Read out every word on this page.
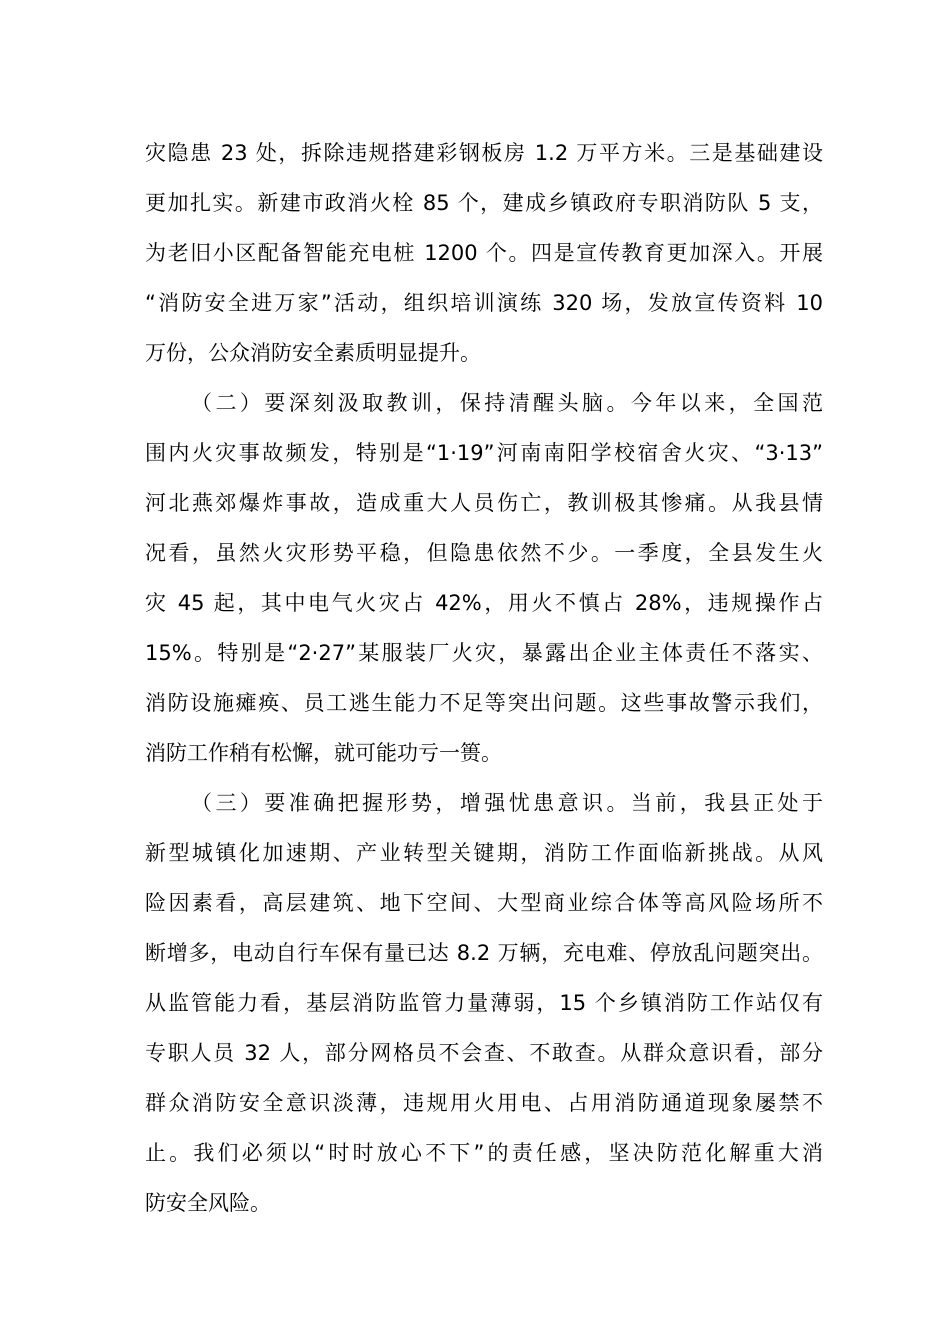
灾隐患 23 处，拆除违规搭建彩钢板房 1.2 万平方米。三是基础建设
更加扎实。新建市政消火栓 85 个，建成乡镇政府专职消防队 5 支，
为老旧小区配备智能充电桩 1200 个。四是宣传教育更加深入。开展
“消防安全进万家”活动，组织培训演练 320 场，发放宣传资料 10
万份，公众消防安全素质明显提升。
（二）要深刻汲取教训，保持清醒头脑。今年以来，全国范
围内火灾事故频发，特别是“1·19”河南南阳学校宿舍火灾、“3·13”
河北燕郊爆炸事故，造成重大人员伤亡，教训极其惨痛。从我县情
况看，虽然火灾形势平稳，但隐患依然不少。一季度，全县发生火
灾 45 起，其中电气火灾占 42%，用火不慎占 28%，违规操作占
15%。特别是“2·27”某服装厂火灾，暴露出企业主体责任不落实、
消防设施瘫痪、员工逃生能力不足等突出问题。这些事故警示我们，
消防工作稍有松懈，就可能功亏一篑。
（三）要准确把握形势，增强忧患意识。当前，我县正处于
新型城镇化加速期、产业转型关键期，消防工作面临新挑战。从风
险因素看，高层建筑、地下空间、大型商业综合体等高风险场所不
断增多，电动自行车保有量已达 8.2 万辆，充电难、停放乱问题突出。
从监管能力看，基层消防监管力量薄弱，15 个乡镇消防工作站仅有
专职人员 32 人，部分网格员不会查、不敢查。从群众意识看，部分
群众消防安全意识淡薄，违规用火用电、占用消防通道现象屡禁不
止。我们必须以“时时放心不下”的责任感，坚决防范化解重大消
防安全风险。
